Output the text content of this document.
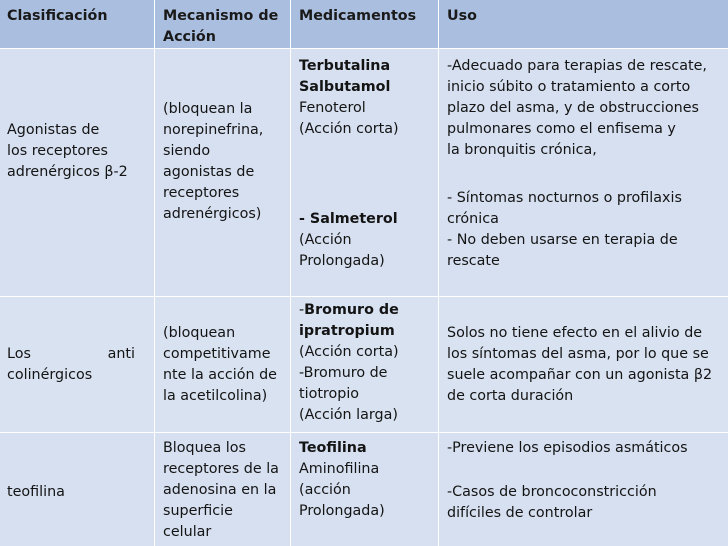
Clasificación	Mecanismo de
Acción
Medicamentos Uso
Agonistas de
los receptores
adrenérgicos β-2
(bloquean la
norepinefrina,
siendo
agonistas de
receptores
adrenérgicos)
Terbutalina
Salbutamol
Fenoterol
(Acción corta)
- Salmeterol
(Acción
Prolongada)
-Adecuado para terapias de rescate,
inicio súbito o tratamiento a corto
plazo del asma, y de obstrucciones
pulmonares como el enfisema y
la bronquitis crónica,
- Síntomas nocturnos o profilaxis
crónica
- No deben usarse en terapia de
rescate
Los	anti
colinérgicos
(bloquean
competitivame
nte la acción de
la acetilcolina)
-Bromuro de
ipratropium
(Acción corta)
-Bromuro de
tiotropio
(Acción larga)
Solos no tiene efecto en el alivio de
los síntomas del asma, por lo que se
suele acompañar con un agonista β2
de corta duración
teofilina
Bloquea los
receptores de la
adenosina en la
superficie
celular
Teofilina
Aminofilina
(acción
Prolongada)
-Previene los episodios asmáticos
-Casos de broncoconstricción
difíciles de controlar
